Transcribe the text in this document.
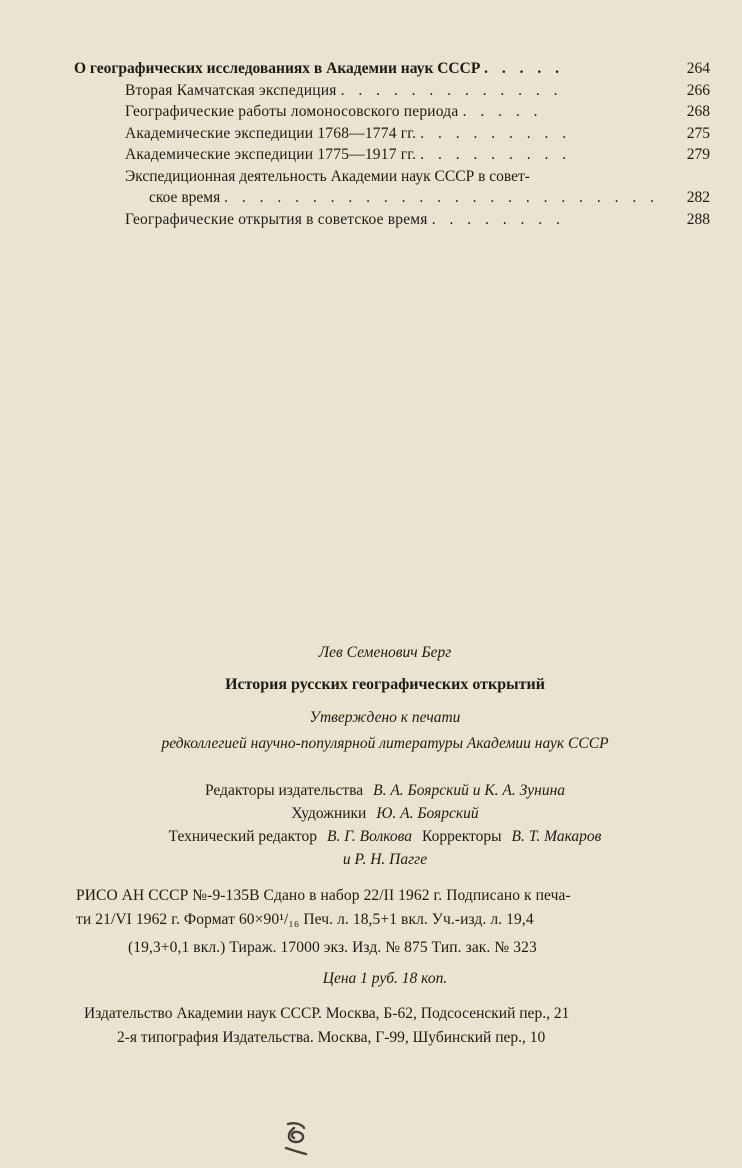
О географических исследованиях в Академии наук СССР . . . . .	264
Вторая Камчатская экспедиция . . . . . . . . . . . . .	266
Географические работы ломоносовского периода . . . . .	268
Академические экспедиции 1768—1774 гг. . . . . . . . . .	275
Академические экспедиции 1775—1917 гг. . . . . . . . . .	279
Экспедиционная деятельность Академии наук СССР в совет-
ское время . . . . . . . . . . . . . . . . . . . . . . . . .	282
Географические открытия в советское время . . . . . . . .	288
Лев Семенович Берг
История русских географических открытий
Утверждено к печати
редколлегией научно-популярной литературы Академии наук СССР
Редакторы издательства В. А. Боярский и К. А. Зунина
Художники Ю. А. Боярский
Технический редактор В. Г. Волкова Корректоры В. Т. Макаров
и Р. Н. Пагге
РИСО АН СССР №-9-135В Сдано в набор 22/II 1962 г. Подписано к печа-
ти 21/VI 1962 г. Формат 60×90¹/₁₆ Печ. л. 18,5+1 вкл. Уч.-изд. л. 19,4
(19,3+0,1 вкл.) Тираж. 17000 экз. Изд. № 875 Тип. зак. № 323
Цена 1 руб. 18 коп.
Издательство Академии наук СССР. Москва, Б-62, Подсосенский пер., 21
2-я типография Издательства. Москва, Г-99, Шубинский пер., 10
